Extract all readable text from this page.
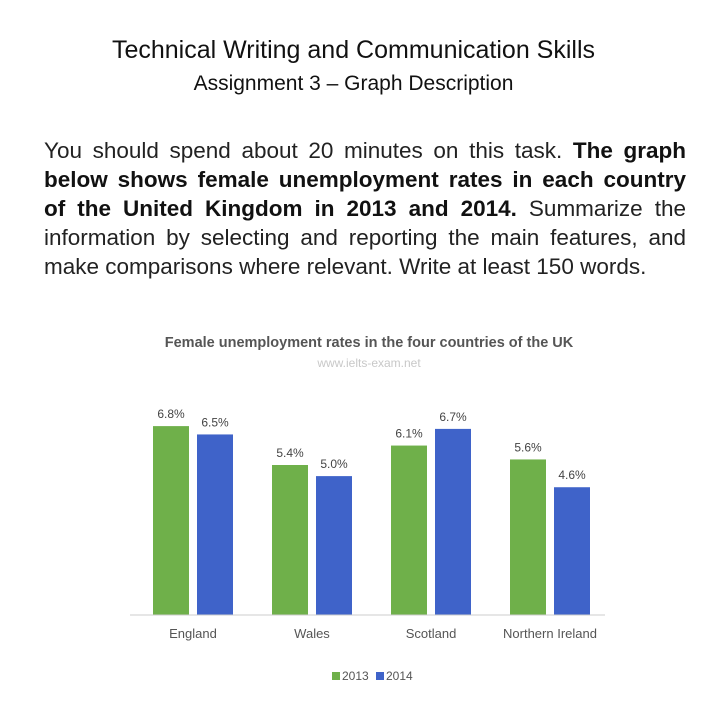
Technical Writing and Communication Skills
Assignment 3 – Graph Description
You should spend about 20 minutes on this task. The graph below shows female unemployment rates in each country of the United Kingdom in 2013 and 2014. Summarize the information by selecting and reporting the main features, and make comparisons where relevant. Write at least 150 words.
Female unemployment rates in the four countries of the UK
www.ielts-exam.net
6.8%
6.5%
5.4%
5.0%
6.1%
6.7%
5.6%
4.6%
England	Wales	Scotland	Northern Ireland
2013 2014
